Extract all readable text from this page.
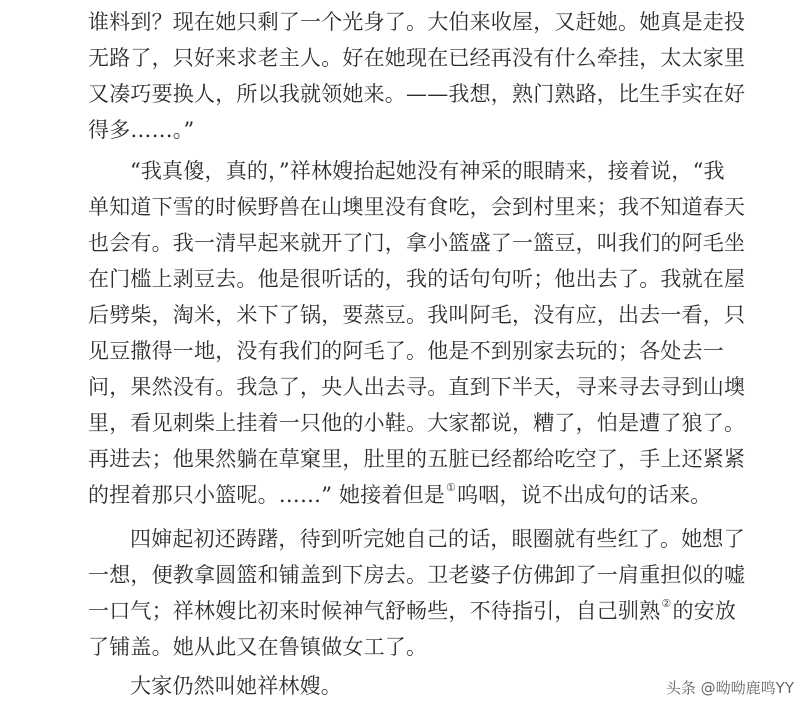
谁料到？现在她只剩了一个光身了。大伯来收屋，又赶她。她真是走投
无路了，只好来求老主人。好在她现在已经再没有什么牵挂，太太家里
又凑巧要换人，所以我就领她来。——我想，熟门熟路，比生手实在好
得多……。”
“我真傻，真的，”祥林嫂抬起她没有神采的眼睛来，接着说，“我
单知道下雪的时候野兽在山墺里没有食吃，会到村里来；我不知道春天
也会有。我一清早起来就开了门，拿小篮盛了一篮豆，叫我们的阿毛坐
在门槛上剥豆去。他是很听话的，我的话句句听；他出去了。我就在屋
后劈柴，淘米，米下了锅，要蒸豆。我叫阿毛，没有应，出去一看，只
见豆撒得一地，没有我们的阿毛了。他是不到别家去玩的；各处去一
问，果然没有。我急了，央人出去寻。直到下半天，寻来寻去寻到山墺
里，看见刺柴上挂着一只他的小鞋。大家都说，糟了，怕是遭了狼了。
再进去；他果然躺在草窠里，肚里的五脏已经都给吃空了，手上还紧紧
的捏着那只小篮呢。……” 她接着但是①呜咽，说不出成句的话来。
四婶起初还踌躇，待到听完她自己的话，眼圈就有些红了。她想了
一想，便教拿圆篮和铺盖到下房去。卫老婆子仿佛卸了一肩重担似的嘘
一口气；祥林嫂比初来时候神气舒畅些，不待指引，自己驯熟②的安放
了铺盖。她从此又在鲁镇做女工了。
大家仍然叫她祥林嫂。	头条 @呦呦鹿鸣YY
